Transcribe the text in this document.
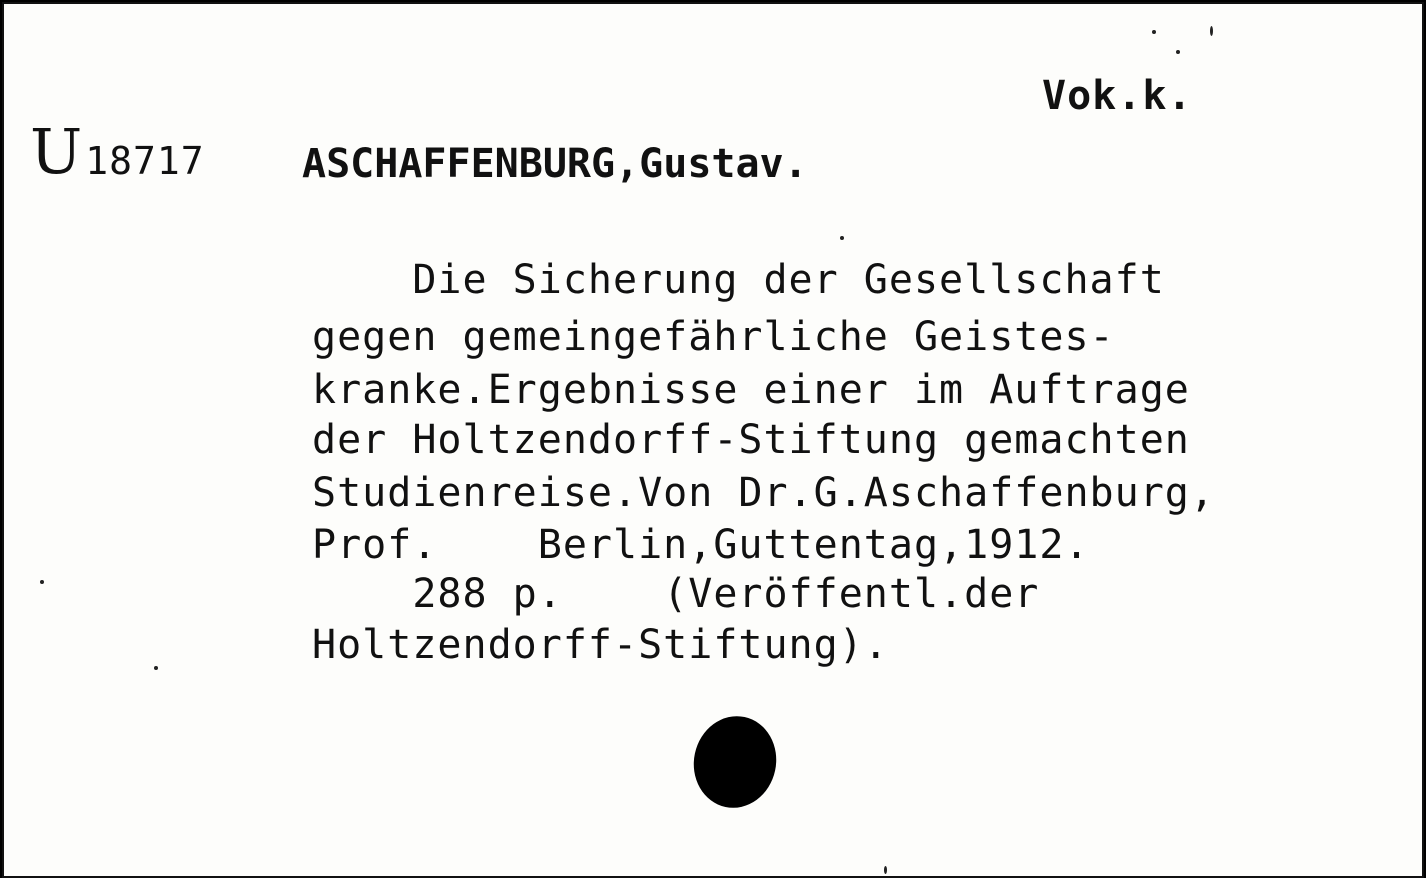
Vok.k.
U 18717 ASCHAFFENBURG,Gustav.
Die Sicherung der Gesellschaft
gegen gemeingefährliche Geistes-
kranke.Ergebnisse einer im Auftrage
der Holtzendorff-Stiftung gemachten
Studienreise.Von Dr.G.Aschaffenburg,
Prof.    Berlin,Guttentag,1912.
288 p.    (Veröffentl.der
Holtzendorff-Stiftung).
